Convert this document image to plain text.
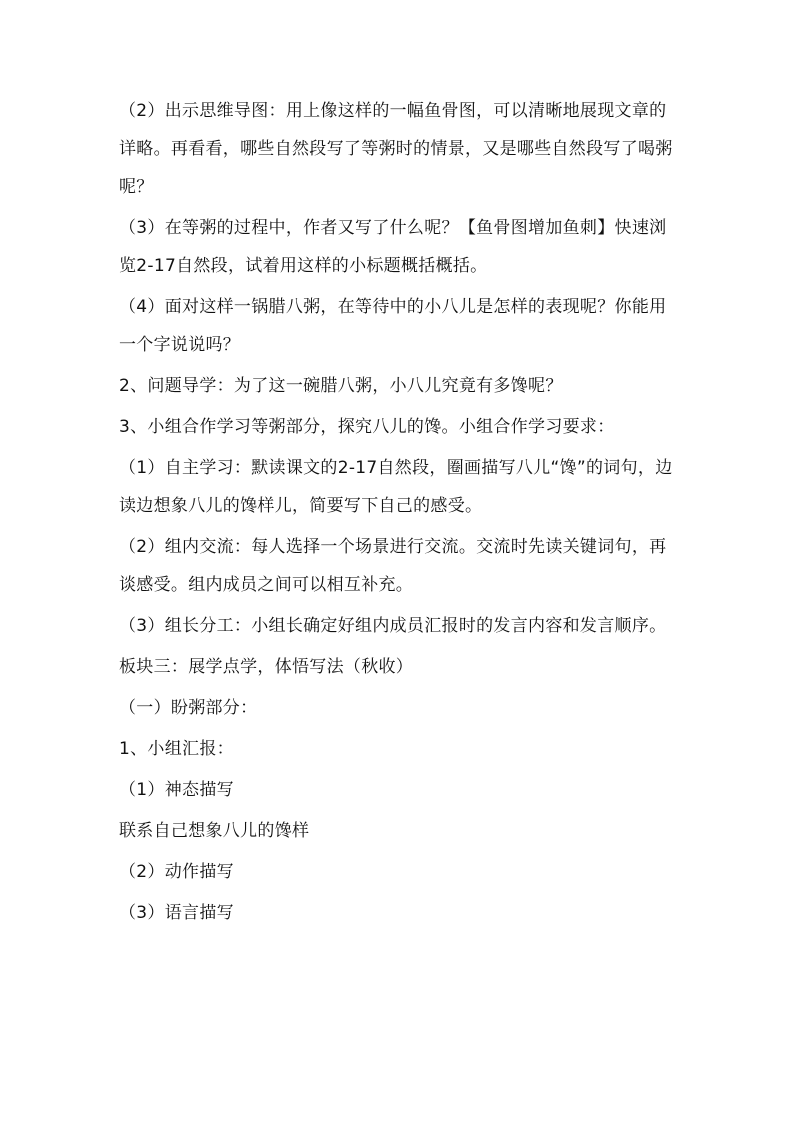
（2）出示思维导图：用上像这样的一幅鱼骨图，可以清晰地展现文章的详略。再看看，哪些自然段写了等粥时的情景，又是哪些自然段写了喝粥呢？

（3）在等粥的过程中，作者又写了什么呢？【鱼骨图增加鱼刺】快速浏览2-17自然段，试着用这样的小标题概括概括。

（4）面对这样一锅腊八粥，在等待中的小八儿是怎样的表现呢？你能用一个字说说吗？

2、问题导学：为了这一碗腊八粥，小八儿究竟有多馋呢？

3、小组合作学习等粥部分，探究八儿的馋。小组合作学习要求：

（1）自主学习：默读课文的2-17自然段，圈画描写八儿“馋”的词句，边读边想象八儿的馋样儿，简要写下自己的感受。

（2）组内交流：每人选择一个场景进行交流。交流时先读关键词句，再谈感受。组内成员之间可以相互补充。

（3）组长分工：小组长确定好组内成员汇报时的发言内容和发言顺序。

板块三：展学点学，体悟写法（秋收）

（一）盼粥部分：

1、小组汇报：

（1）神态描写

联系自己想象八儿的馋样

（2）动作描写

（3）语言描写
